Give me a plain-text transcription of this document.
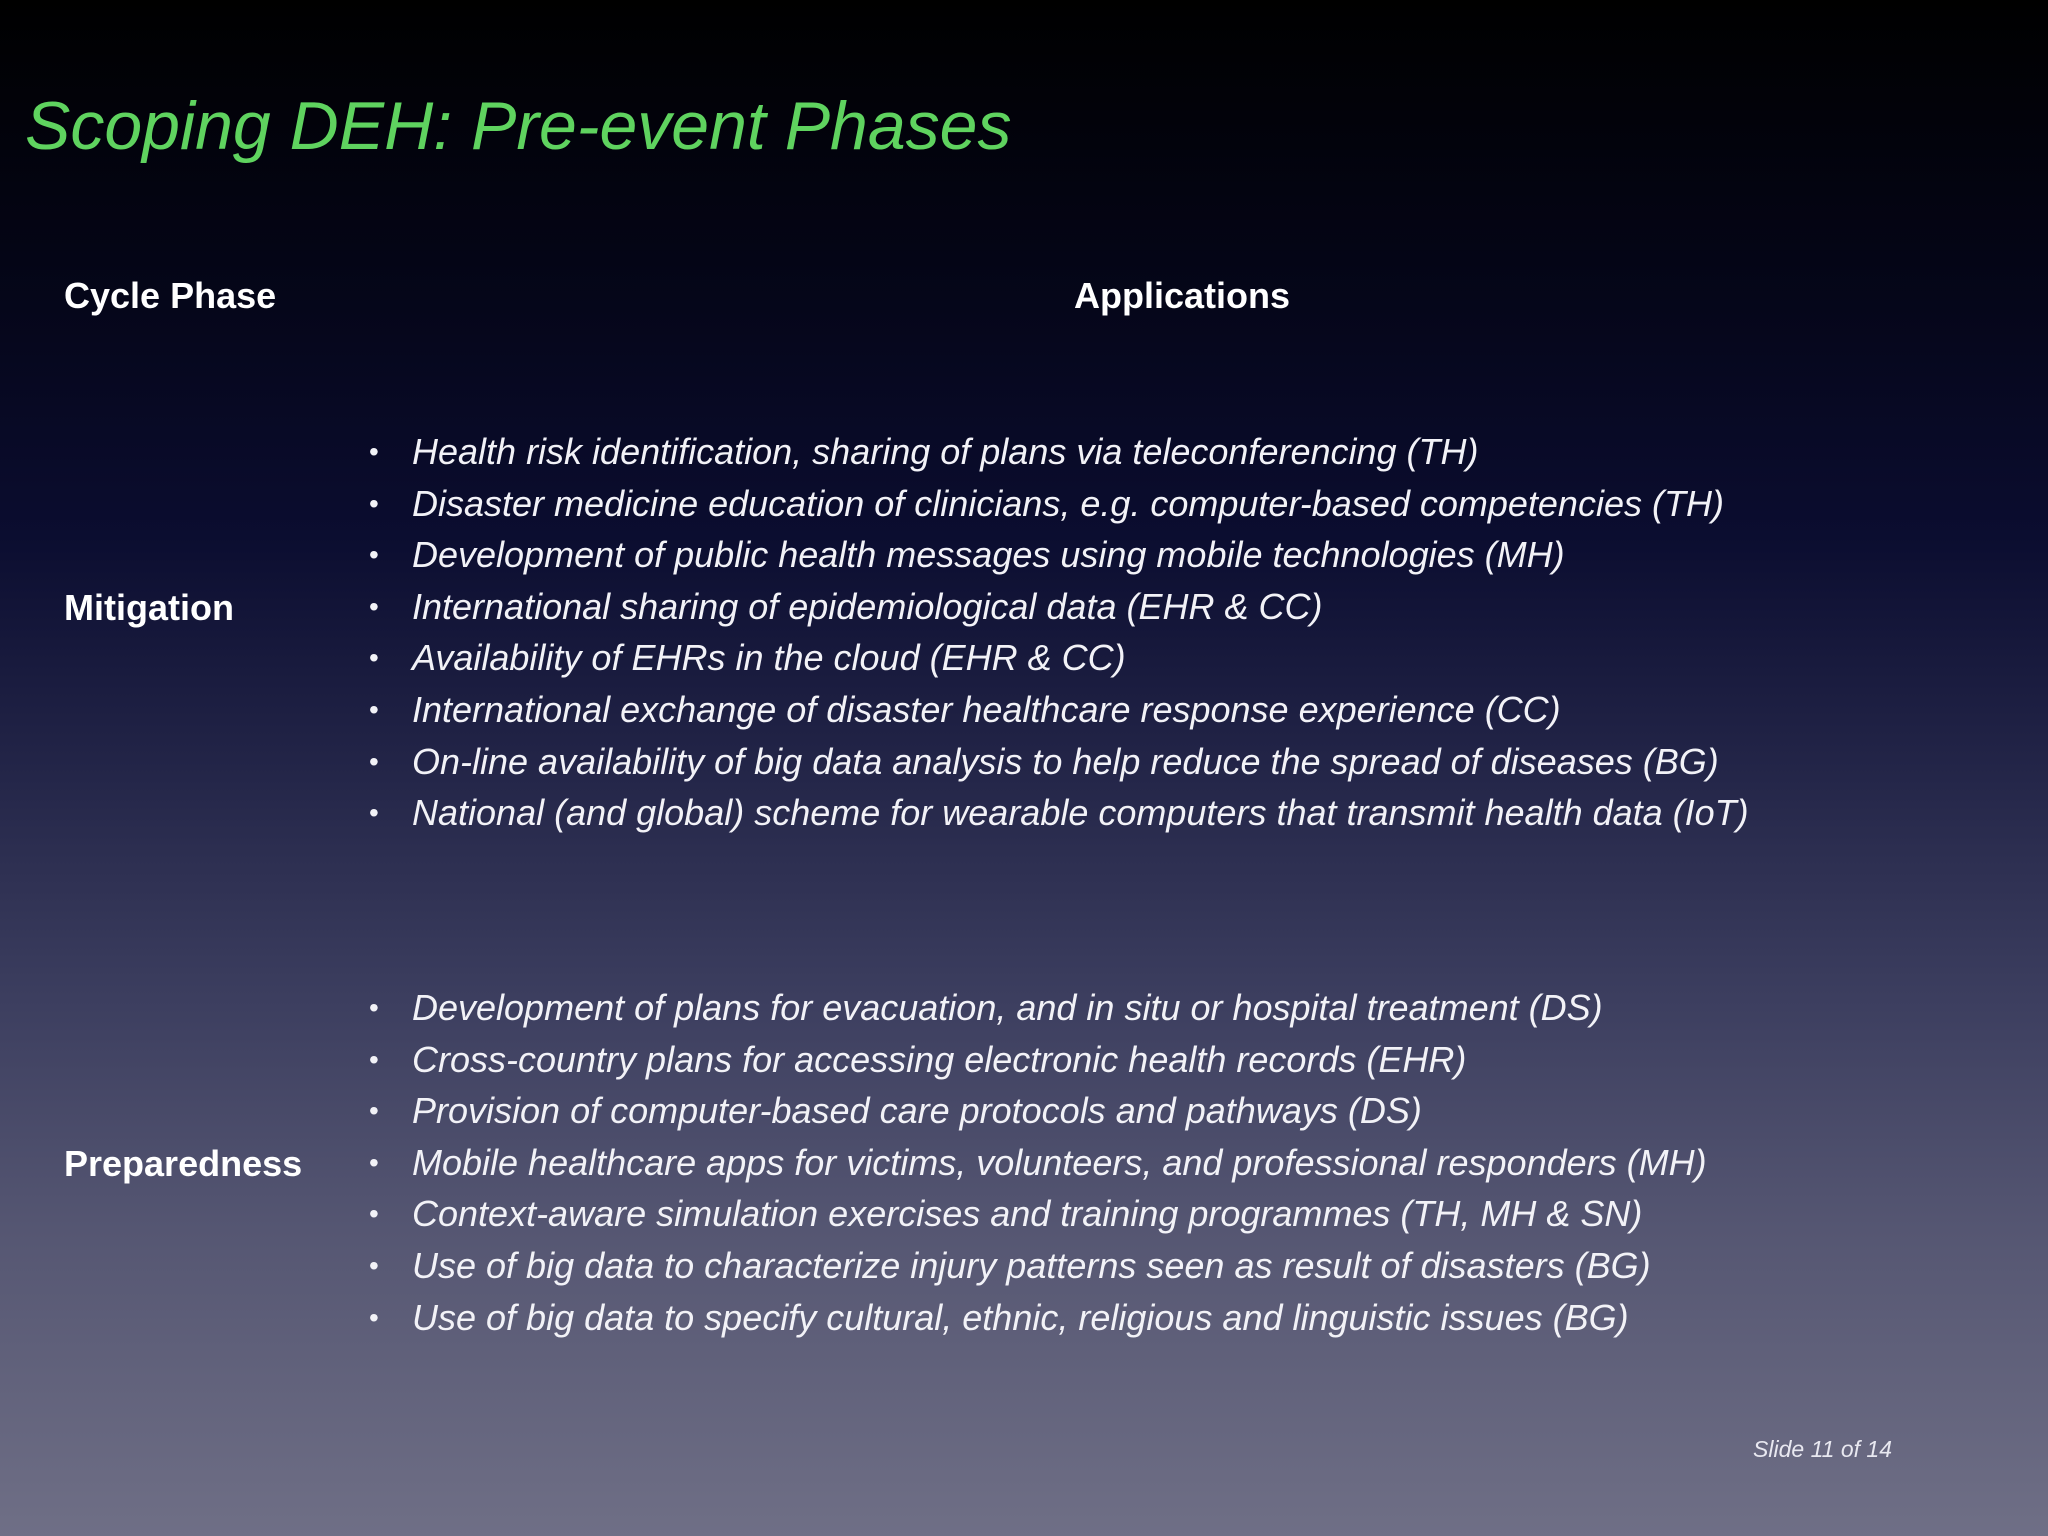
Scoping DEH: Pre-event Phases
Cycle Phase	Applications
Mitigation
• Health risk identification, sharing of plans via teleconferencing (TH)
• Disaster medicine education of clinicians, e.g. computer-based competencies (TH)
• Development of public health messages using mobile technologies (MH)
• International sharing of epidemiological data (EHR & CC)
• Availability of EHRs in the cloud (EHR & CC)
• International exchange of disaster healthcare response experience (CC)
• On-line availability of big data analysis to help reduce the spread of diseases (BG)
• National (and global) scheme for wearable computers that transmit health data (IoT)
Preparedness
• Development of plans for evacuation, and in situ or hospital treatment (DS)
• Cross-country plans for accessing electronic health records (EHR)
• Provision of computer-based care protocols and pathways (DS)
• Mobile healthcare apps for victims, volunteers, and professional responders (MH)
• Context-aware simulation exercises and training programmes (TH, MH & SN)
• Use of big data to characterize injury patterns seen as result of disasters (BG)
• Use of big data to specify cultural, ethnic, religious and linguistic issues (BG)
Slide 11 of 14
